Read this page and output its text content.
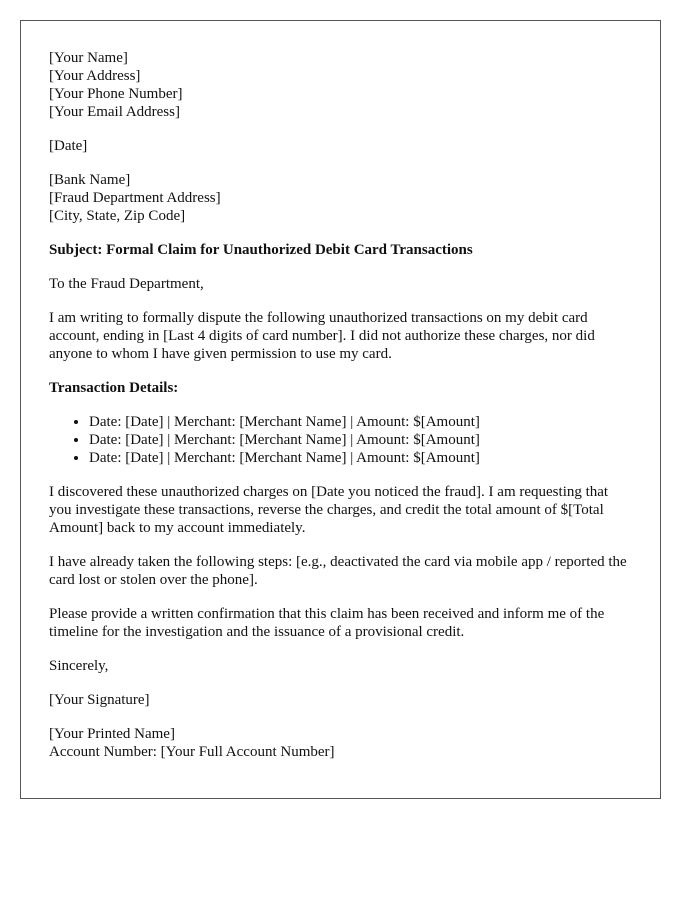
[Your Name]
[Your Address]
[Your Phone Number]
[Your Email Address]

[Date]

[Bank Name]
[Fraud Department Address]
[City, State, Zip Code]

Subject: Formal Claim for Unauthorized Debit Card Transactions

To the Fraud Department,

I am writing to formally dispute the following unauthorized transactions on my debit card account, ending in [Last 4 digits of card number]. I did not authorize these charges, nor did anyone to whom I have given permission to use my card.

Transaction Details:

• Date: [Date] | Merchant: [Merchant Name] | Amount: $[Amount]
• Date: [Date] | Merchant: [Merchant Name] | Amount: $[Amount]
• Date: [Date] | Merchant: [Merchant Name] | Amount: $[Amount]

I discovered these unauthorized charges on [Date you noticed the fraud]. I am requesting that you investigate these transactions, reverse the charges, and credit the total amount of $[Total Amount] back to my account immediately.

I have already taken the following steps: [e.g., deactivated the card via mobile app / reported the card lost or stolen over the phone].

Please provide a written confirmation that this claim has been received and inform me of the timeline for the investigation and the issuance of a provisional credit.

Sincerely,

[Your Signature]

[Your Printed Name]
Account Number: [Your Full Account Number]
